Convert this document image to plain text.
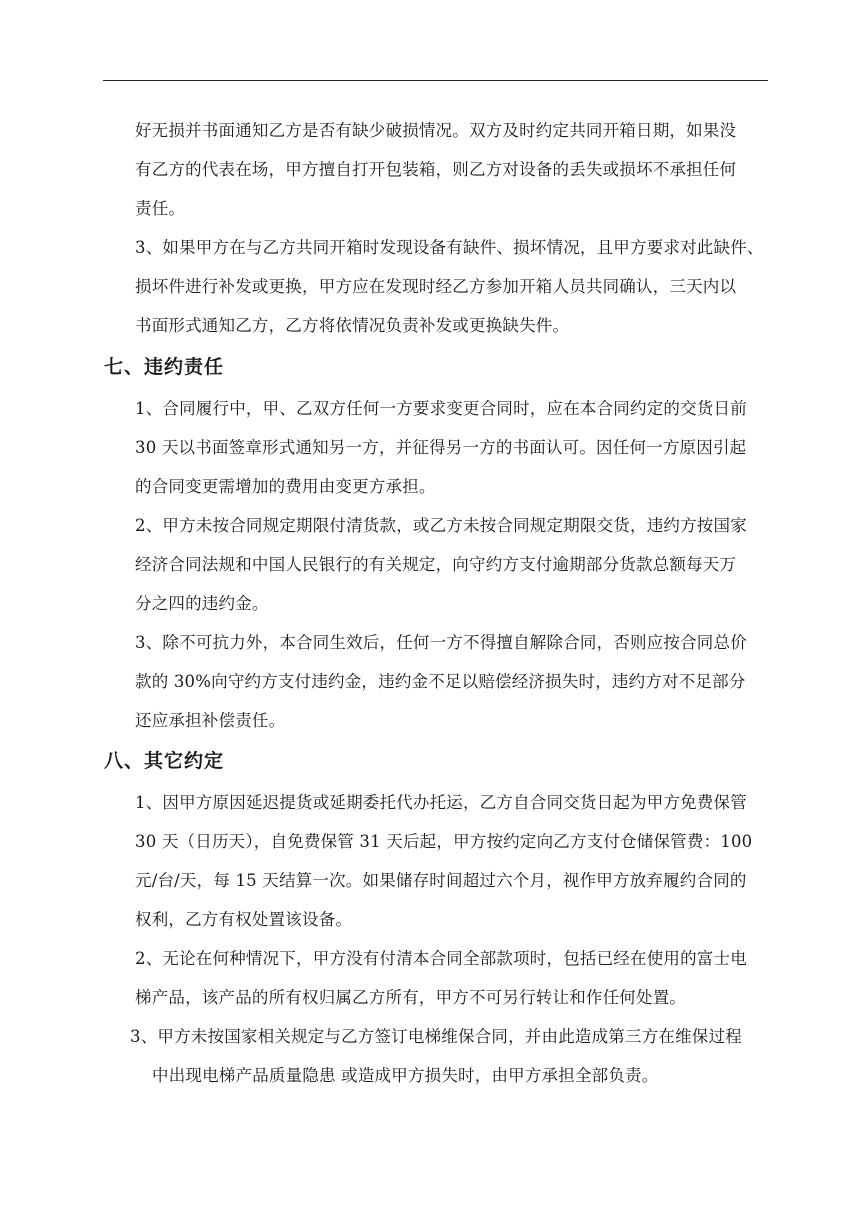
好无损并书面通知乙方是否有缺少破损情况。双方及时约定共同开箱日期，如果没
有乙方的代表在场，甲方擅自打开包装箱，则乙方对设备的丢失或损坏不承担任何
责任。
3、如果甲方在与乙方共同开箱时发现设备有缺件、损坏情况，且甲方要求对此缺件、
损坏件进行补发或更换，甲方应在发现时经乙方参加开箱人员共同确认，三天内以
书面形式通知乙方，乙方将依情况负责补发或更换缺失件。
七、违约责任
1、合同履行中，甲、乙双方任何一方要求变更合同时，应在本合同约定的交货日前
30 天以书面签章形式通知另一方，并征得另一方的书面认可。因任何一方原因引起
的合同变更需增加的费用由变更方承担。
2、甲方未按合同规定期限付清货款，或乙方未按合同规定期限交货，违约方按国家
经济合同法规和中国人民银行的有关规定，向守约方支付逾期部分货款总额每天万
分之四的违约金。
3、除不可抗力外，本合同生效后，任何一方不得擅自解除合同，否则应按合同总价
款的 30%向守约方支付违约金，违约金不足以赔偿经济损失时，违约方对不足部分
还应承担补偿责任。
八、其它约定
1、因甲方原因延迟提货或延期委托代办托运，乙方自合同交货日起为甲方免费保管
30 天（日历天），自免费保管 31 天后起，甲方按约定向乙方支付仓储保管费：100
元/台/天，每 15 天结算一次。如果储存时间超过六个月，视作甲方放弃履约合同的
权利，乙方有权处置该设备。
2、无论在何种情况下，甲方没有付清本合同全部款项时，包括已经在使用的富士电
梯产品，该产品的所有权归属乙方所有，甲方不可另行转让和作任何处置。
3、甲方未按国家相关规定与乙方签订电梯维保合同，并由此造成第三方在维保过程
中出现电梯产品质量隐患 或造成甲方损失时，由甲方承担全部负责。
